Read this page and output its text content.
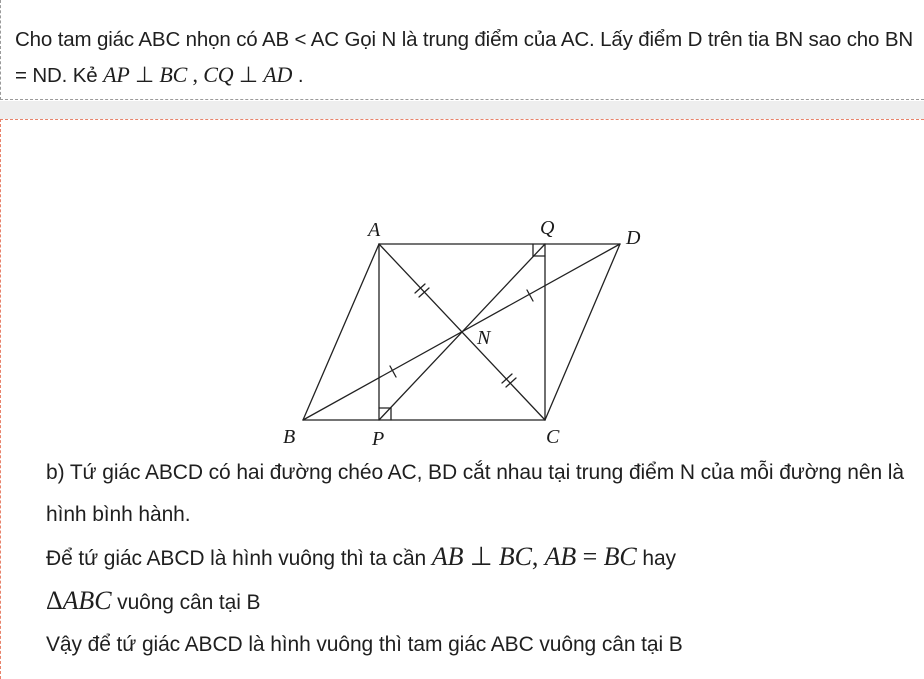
Cho tam giác ABC nhọn có AB < AC Gọi N là trung điểm của AC. Lấy điểm D trên tia BN sao cho BN = ND. Kẻ AP ⊥ BC , CQ ⊥ AD .
A	Q	D
N
B	P	C

b) Tứ giác ABCD có hai đường chéo AC, BD cắt nhau tại trung điểm N của mỗi đường nên là hình bình hành.

Để tứ giác ABCD là hình vuông thì ta cần AB ⊥ BC, AB = BC hay

ΔABC vuông cân tại B

Vậy để tứ giác ABCD là hình vuông thì tam giác ABC vuông cân tại B
